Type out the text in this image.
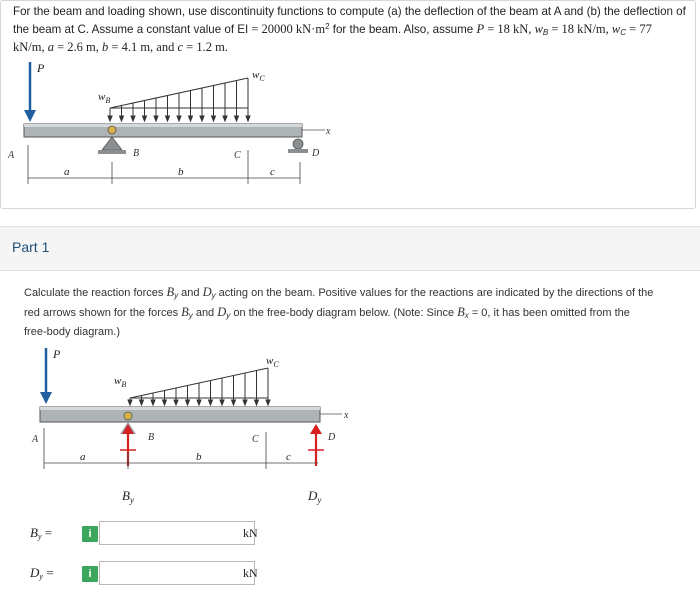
For the beam and loading shown, use discontinuity functions to compute (a) the deflection of the beam at A and (b) the deflection of
the beam at C. Assume a constant value of EI = 20000 $kN\cdot m^2$ for the beam. Also, assume P = 18 kN, $w_B = 18$ kN/m, $w_C = 77$
kN/m, a = 2.6 m, b = 4.1 m, and c = 1.2 m.
x
P
$w_B$
$w_C$
B	D
A	C
a	b	c
Part 1
Calculate the reaction forces $B_y$ and $D_y$ acting on the beam. Positive values for the reactions are indicated by the directions of the
red arrows shown for the forces $B_y$ and $D_y$ on the free-body diagram below. (Note: Since $B_x = 0$, it has been omitted from the
free-body diagram.)
x
P
$w_B$
$w_C$
B
$B_y$
D
$D_y$
A	C
a	b	c
$B_y$ =	i	kN
$D_y$ =	i	kN
